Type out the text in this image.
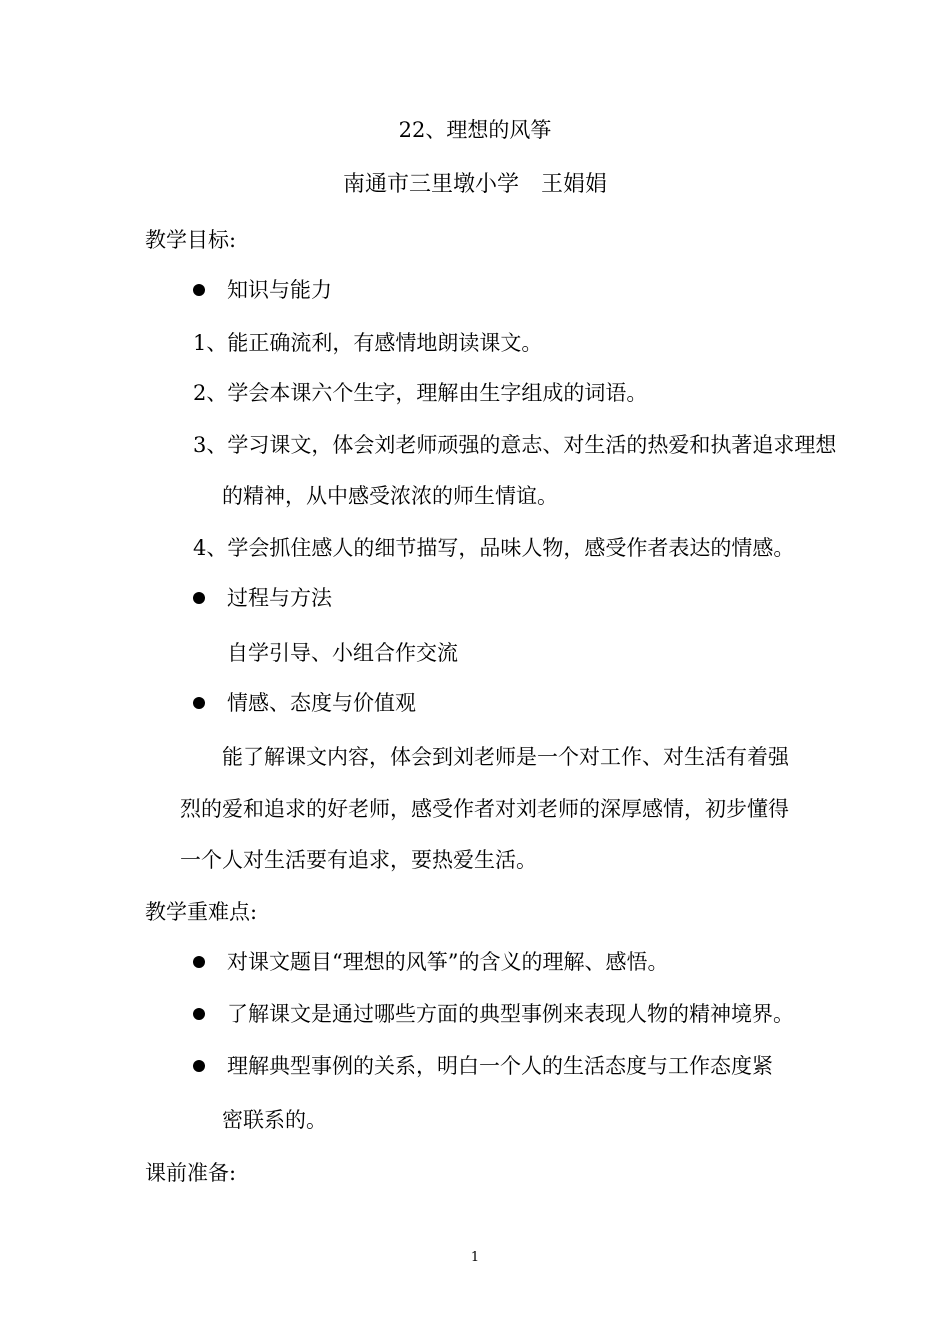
22、理想的风筝
南通市三里墩小学　王娟娟
教学目标:
知识与能力
1、能正确流利，有感情地朗读课文。
2、学会本课六个生字，理解由生字组成的词语。
3、学习课文，体会刘老师顽强的意志、对生活的热爱和执著追求理想
的精神，从中感受浓浓的师生情谊。
4、学会抓住感人的细节描写，品味人物，感受作者表达的情感。
过程与方法
自学引导、小组合作交流
情感、态度与价值观
能了解课文内容，体会到刘老师是一个对工作、对生活有着强
烈的爱和追求的好老师，感受作者对刘老师的深厚感情，初步懂得
一个人对生活要有追求，要热爱生活。
教学重难点:
对课文题目“理想的风筝”的含义的理解、感悟。
了解课文是通过哪些方面的典型事例来表现人物的精神境界。
理解典型事例的关系，明白一个人的生活态度与工作态度紧
密联系的。
课前准备:
1
